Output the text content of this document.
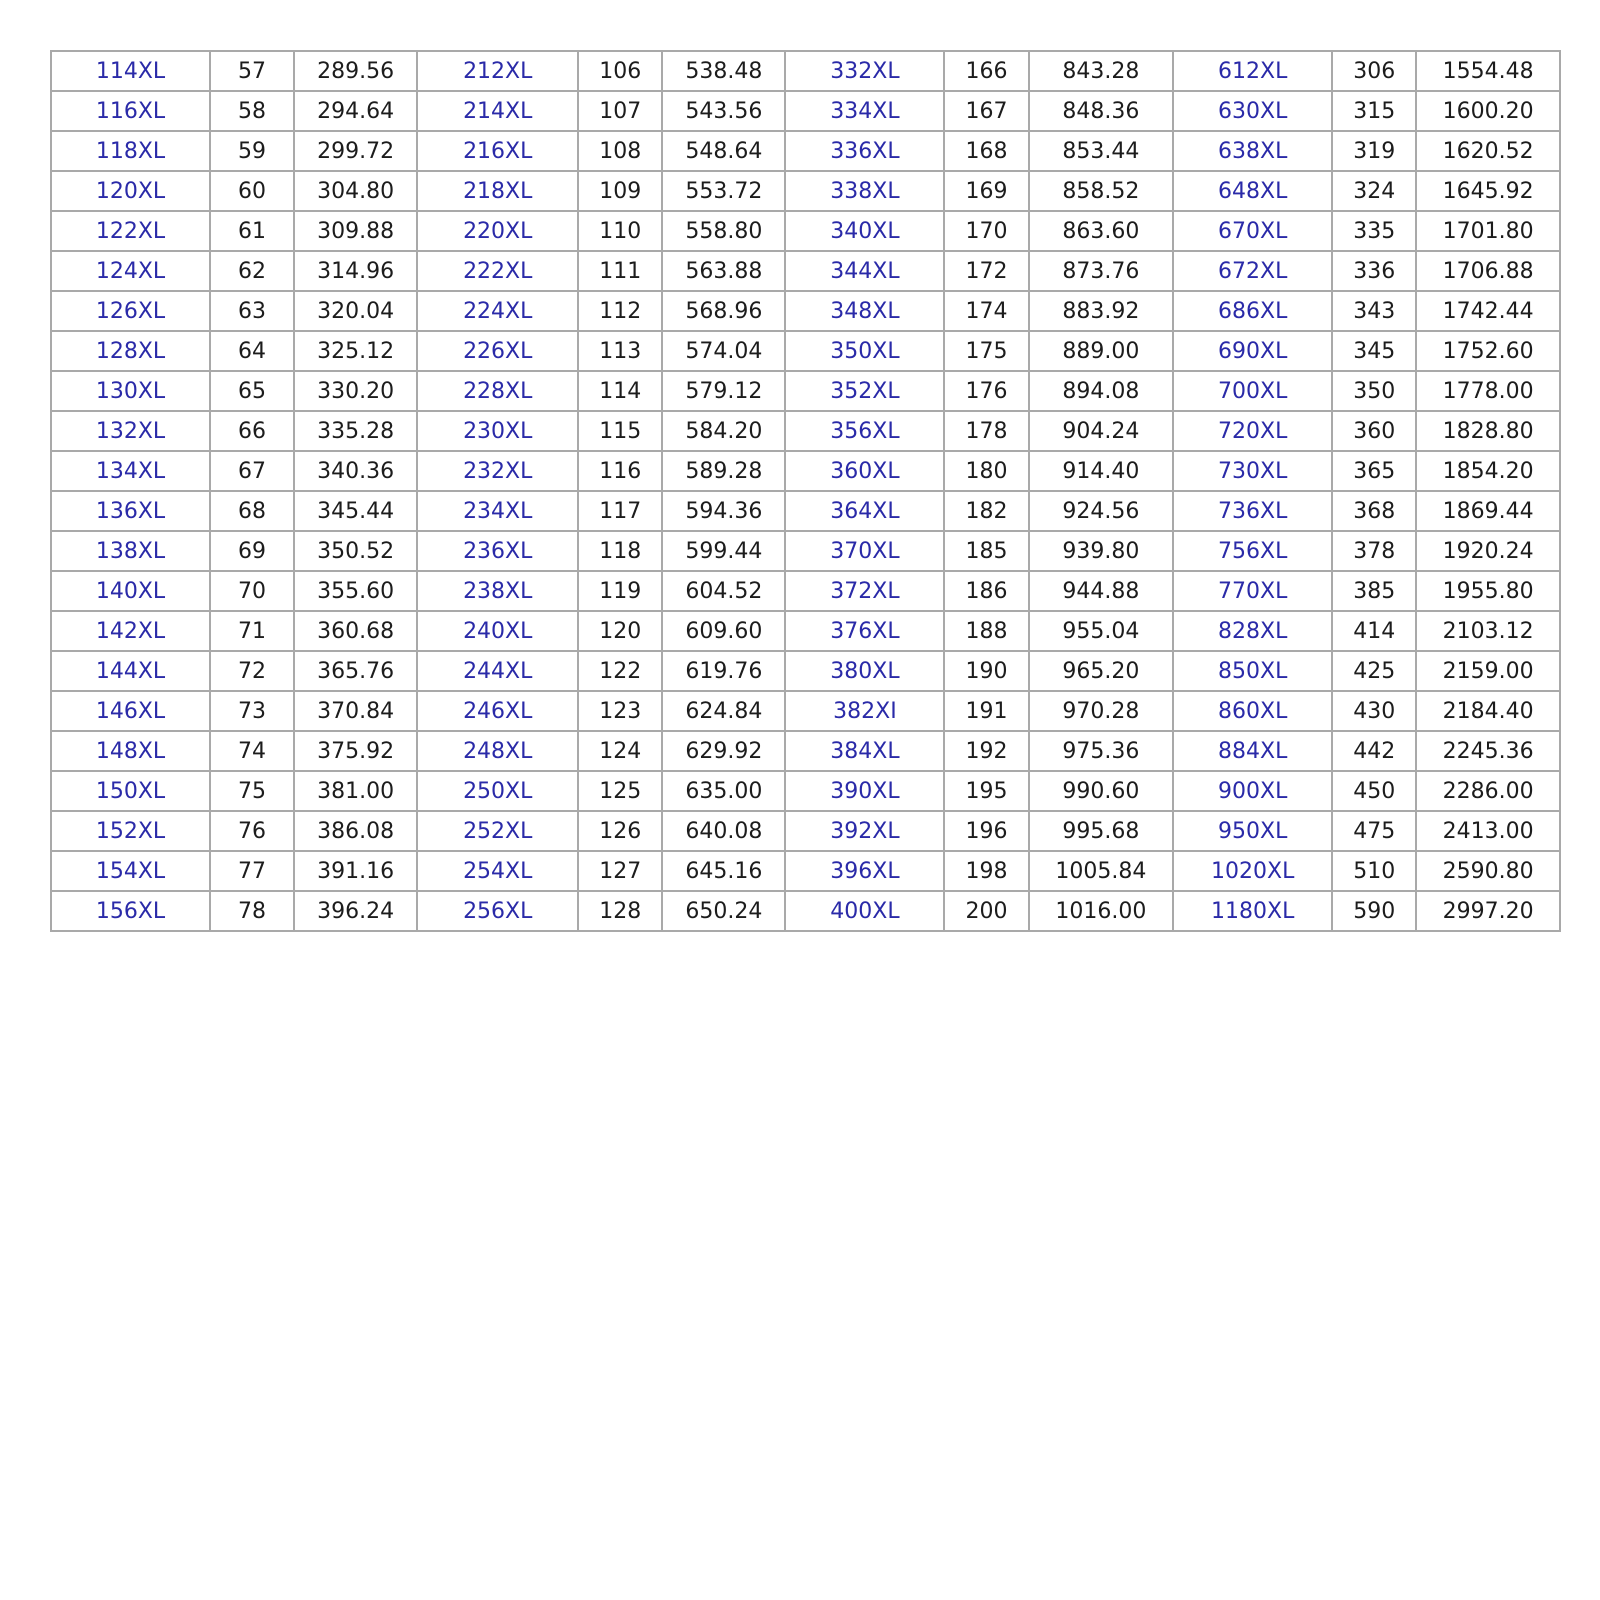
114XL	57	289.56	212XL	106	538.48	332XL	166	843.28	612XL	306	1554.48
116XL	58	294.64	214XL	107	543.56	334XL	167	848.36	630XL	315	1600.20
118XL	59	299.72	216XL	108	548.64	336XL	168	853.44	638XL	319	1620.52
120XL	60	304.80	218XL	109	553.72	338XL	169	858.52	648XL	324	1645.92
122XL	61	309.88	220XL	110	558.80	340XL	170	863.60	670XL	335	1701.80
124XL	62	314.96	222XL	111	563.88	344XL	172	873.76	672XL	336	1706.88
126XL	63	320.04	224XL	112	568.96	348XL	174	883.92	686XL	343	1742.44
128XL	64	325.12	226XL	113	574.04	350XL	175	889.00	690XL	345	1752.60
130XL	65	330.20	228XL	114	579.12	352XL	176	894.08	700XL	350	1778.00
132XL	66	335.28	230XL	115	584.20	356XL	178	904.24	720XL	360	1828.80
134XL	67	340.36	232XL	116	589.28	360XL	180	914.40	730XL	365	1854.20
136XL	68	345.44	234XL	117	594.36	364XL	182	924.56	736XL	368	1869.44
138XL	69	350.52	236XL	118	599.44	370XL	185	939.80	756XL	378	1920.24
140XL	70	355.60	238XL	119	604.52	372XL	186	944.88	770XL	385	1955.80
142XL	71	360.68	240XL	120	609.60	376XL	188	955.04	828XL	414	2103.12
144XL	72	365.76	244XL	122	619.76	380XL	190	965.20	850XL	425	2159.00
146XL	73	370.84	246XL	123	624.84	382XI	191	970.28	860XL	430	2184.40
148XL	74	375.92	248XL	124	629.92	384XL	192	975.36	884XL	442	2245.36
150XL	75	381.00	250XL	125	635.00	390XL	195	990.60	900XL	450	2286.00
152XL	76	386.08	252XL	126	640.08	392XL	196	995.68	950XL	475	2413.00
154XL	77	391.16	254XL	127	645.16	396XL	198	1005.84	1020XL	510	2590.80
156XL	78	396.24	256XL	128	650.24	400XL	200	1016.00	1180XL	590	2997.20
